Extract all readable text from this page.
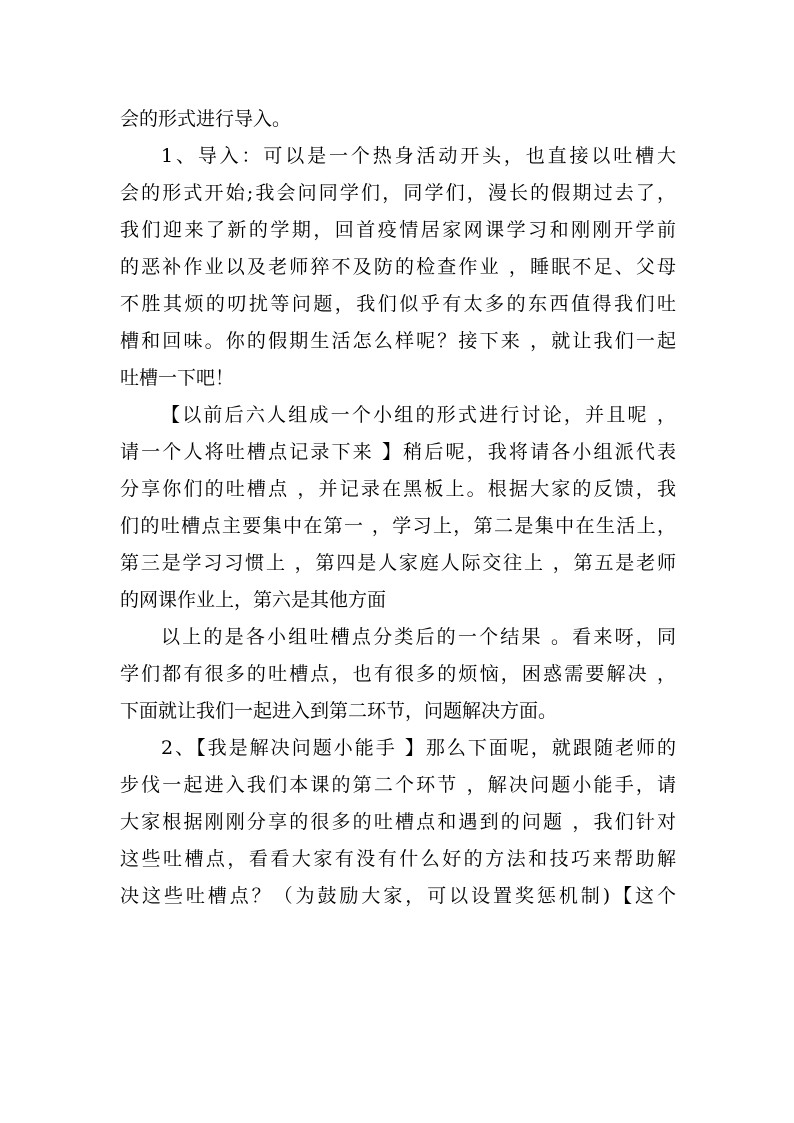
会的形式进行导入。
1、导入：可以是一个热身活动开头，也直接以吐槽大
会的形式开始;我会问同学们，同学们，漫长的假期过去了，
我们迎来了新的学期，回首疫情居家网课学习和刚刚开学前
的恶补作业以及老师猝不及防的检查作业 ，睡眠不足、父母
不胜其烦的叨扰等问题，我们似乎有太多的东西值得我们吐
槽和回味。你的假期生活怎么样呢？接下来 ，就让我们一起
吐槽一下吧！
【以前后六人组成一个小组的形式进行讨论，并且呢 ，
请一个人将吐槽点记录下来 】稍后呢，我将请各小组派代表
分享你们的吐槽点 ，并记录在黑板上。根据大家的反馈，我
们的吐槽点主要集中在第一 ，学习上，第二是集中在生活上，
第三是学习习惯上 ，第四是人家庭人际交往上 ，第五是老师
的网课作业上，第六是其他方面
以上的是各小组吐槽点分类后的一个结果 。看来呀，同
学们都有很多的吐槽点，也有很多的烦恼，困惑需要解决 ，
下面就让我们一起进入到第二环节，问题解决方面。
2、【我是解决问题小能手 】那么下面呢，就跟随老师的
步伐一起进入我们本课的第二个环节 ，解决问题小能手，请
大家根据刚刚分享的很多的吐槽点和遇到的问题 ，我们针对
这些吐槽点，看看大家有没有什么好的方法和技巧来帮助解
决这些吐槽点？（为鼓励大家，可以设置奖惩机制)【这个
